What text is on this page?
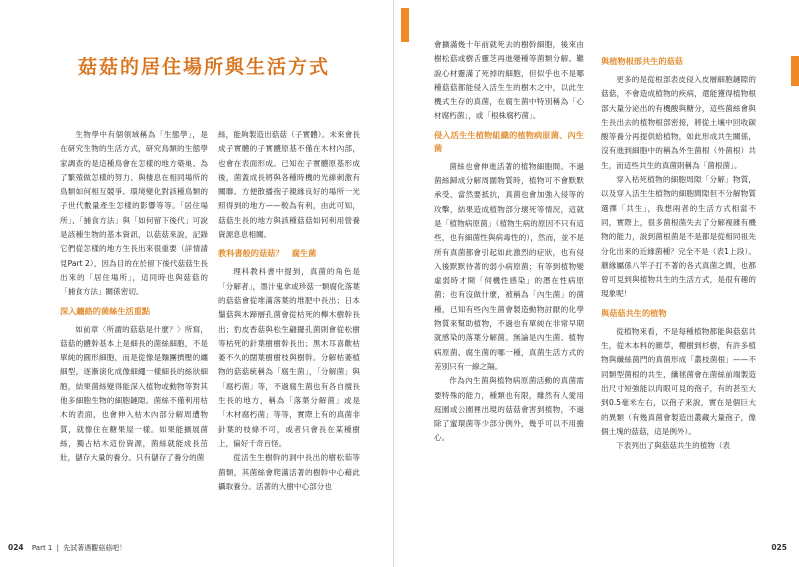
菇菇的居住場所與生活方式

生物學中有個領域稱為「生態學」，是在研究生物的生活方式，研究鳥類的生態學家調查的是這種鳥會在怎樣的地方築巢、為了繁殖做怎樣的努力、與棲息在相同場所的鳥類如何相互競爭、環境變化對該種鳥類的子世代數量產生怎樣的影響等等。「居住場所」、「捕食方法」與「如何留下後代」可說是該種生物的基本資訊，以菇菇來說，記錄它們從怎樣的地方生長出來很重要（詳情請見Part 2），因為目的在於留下後代菇菇生長出來的「居住場所」，這同時也與菇菇的「捕食方法」關係密切。

深入纏絡的菌絲生活重點

如前章〈所謂的菇菇是什麼？〉所寫，菇菇的體幹基本上是細長的菌絲細胞，不是單純的圓形細胞，而是從像是麵團擠壓的纏細型，逐漸演化成像細繩一樣細長的絲狀細胞，結果菌絲變得能深入植物或動物等對其他多細胞生物的細胞鏈隙。菌絲不僅利用枯木的表面，也會伸入枯木內部分解周遭物質，就像住在糖果屋一樣。如果能擴展菌絲，獨占枯木這份資源，菌絲就能成長茁壯，儲存大量的養分。只有儲存了養分的菌

絲，能夠製造出菇菇（子實體）。未來會長成子實體的子實體原基不僅在木材內部，也會在表面形成。已知在子實體原基形成後，菌蓋成長將與各種時機的光線刺激有關聯。方便散播孢子親緣良好的場所一光照得到的地方——較為有利，由此可知，菇菇生長的地方與該種菇菇如何利用營養資源息息相關。

教科書般的菇菇？　腐生菌

理科教科書中提到，真菌的角色是「分解者」，墨汁鬼傘或珍菇一類腐化落葉的菇菇會從堆滿落葉的堆肥中長出；日本鬚菇與木蹄層孔菌會從枯死的櫸木樹幹長出；豹皮香菇與松生翩擺孔菌則會從松樹等枯死的針葉樹樹幹長出；黑木耳喜歡枯萎不久的闊葉樹樹枝與樹幹。分解枯萎植物的菇菇統稱為「腐生菌」，「分解菌」與「腐朽菌」等，不過腐生菌也有各自擅長生長的地方，稱為「落葉分解菌」或是「木材腐朽菌」等等，實際上有的真菌非針葉的枝條不可，或者只會長在某種樹上，偏好千奇百怪。

從活生生樹幹的洞中長出的樹松茹等菌類，其菌絲會爬滿活著的樹幹中心藉此攝取養分。活著的大樹中心部分也

024 Part 1 | 先試著遇觀菇菇吧！

會擴滿幾十年前就死去的樹幹細胞，後來由樹松菇或樹舌靈芝再進變種等菌類分解。難說心材靈滿了死掉的細胞，但似乎也不是哪種菇菇都能侵入活生生的樹木之中，以此生機式生存的真菌，在腐生菌中特別稱為「心材腐朽菌」，或「根株腐朽菌」。

侵入活生生植物組織的植物病原菌、內生菌

菌絲也會伸進活著的植物細胞間。不過菌絲歸成分解周圍物質時，植物可不會默默承受，當然要抵抗，真菌也會加強入侵等的攻擊，結果造成植物部分壞死等情況，這就是「植物病原菌」（植物生病的原因不只有這些，也有細菌性與病毒性的），然而，並不是所有真菌都會引起如此激烈的症狀，也有侵入後默默待著的弱小病原菌；有等到植物變虛弱時才開「伺機性感染」的潛在性病原菌；也有沒做什麼，被稱為「內生菌」的菌種，已知有些內生菌會製造動物討厭的化學物質來幫助植物，不過也有單純在非常早期就感染的落葉分解菌。無論是內生菌、植物病原菌、腐生菌的哪一種，真菌生活方式的差別只有一線之隔。

作為內生菌與植物病原菌活動的真菌需要特殊的能力，種類也有限，雖然有人愛用庭園或公園裡出現的菇菇會害到植物，不過除了蜜環菌等少部分例外，幾乎可以不用擔心。

與植物根部共生的菇菇

更多的是從根部表皮侵入皮層細胞鏈隙的菇菇，不會造成植物的疾病，還能獲得植物根部大量分泌出的有機酸與糖分，這些菌絲會與生長出去的植物根部密接，將從土壤中回收碳酸等養分再提供給植物，如此形成共生關係，沒有進到細胞中的稱為外生菌根（外菌根）共生，而這些共生的真菌則稱為「菌根菌」。

穿入枯死植物的細胞周隙「分解」物質，以及穿入活生生植物的細胞間隙但不分解物質選擇「共生」，我想兩者的生活方式相當不同，實際上，很多菌根菌失去了分解複雜有機物的能力，說到菌根菌是不是都是從相同祖先分化出來的近緣菌種？完全不是（表1上段）。蘑緣屬係八竿子打不著的各式真菌之間，也都曾可見到與植物共生的生活方式，是很有趣的現象呢！

與菇菇共生的植物

從植物來看，不是每種植物都能與菇菇共生，從木本料的雜草，櫻樹到杉樹，有許多植物與纖絲菌門的真菌形成「叢枝菌根」——不同類型菌根的共生，纖毬菌會在菌絲前端製造出尺寸短強能以肉眼可見的孢子，有的甚至大到0.5毫米左右，以孢子來說，實在是個巨大的異類（有幾真菌會製造出叢藏大量孢子，像個土塊的菇菇，這是例外）。

下表列出了與菇菇共生的植物（表

025
